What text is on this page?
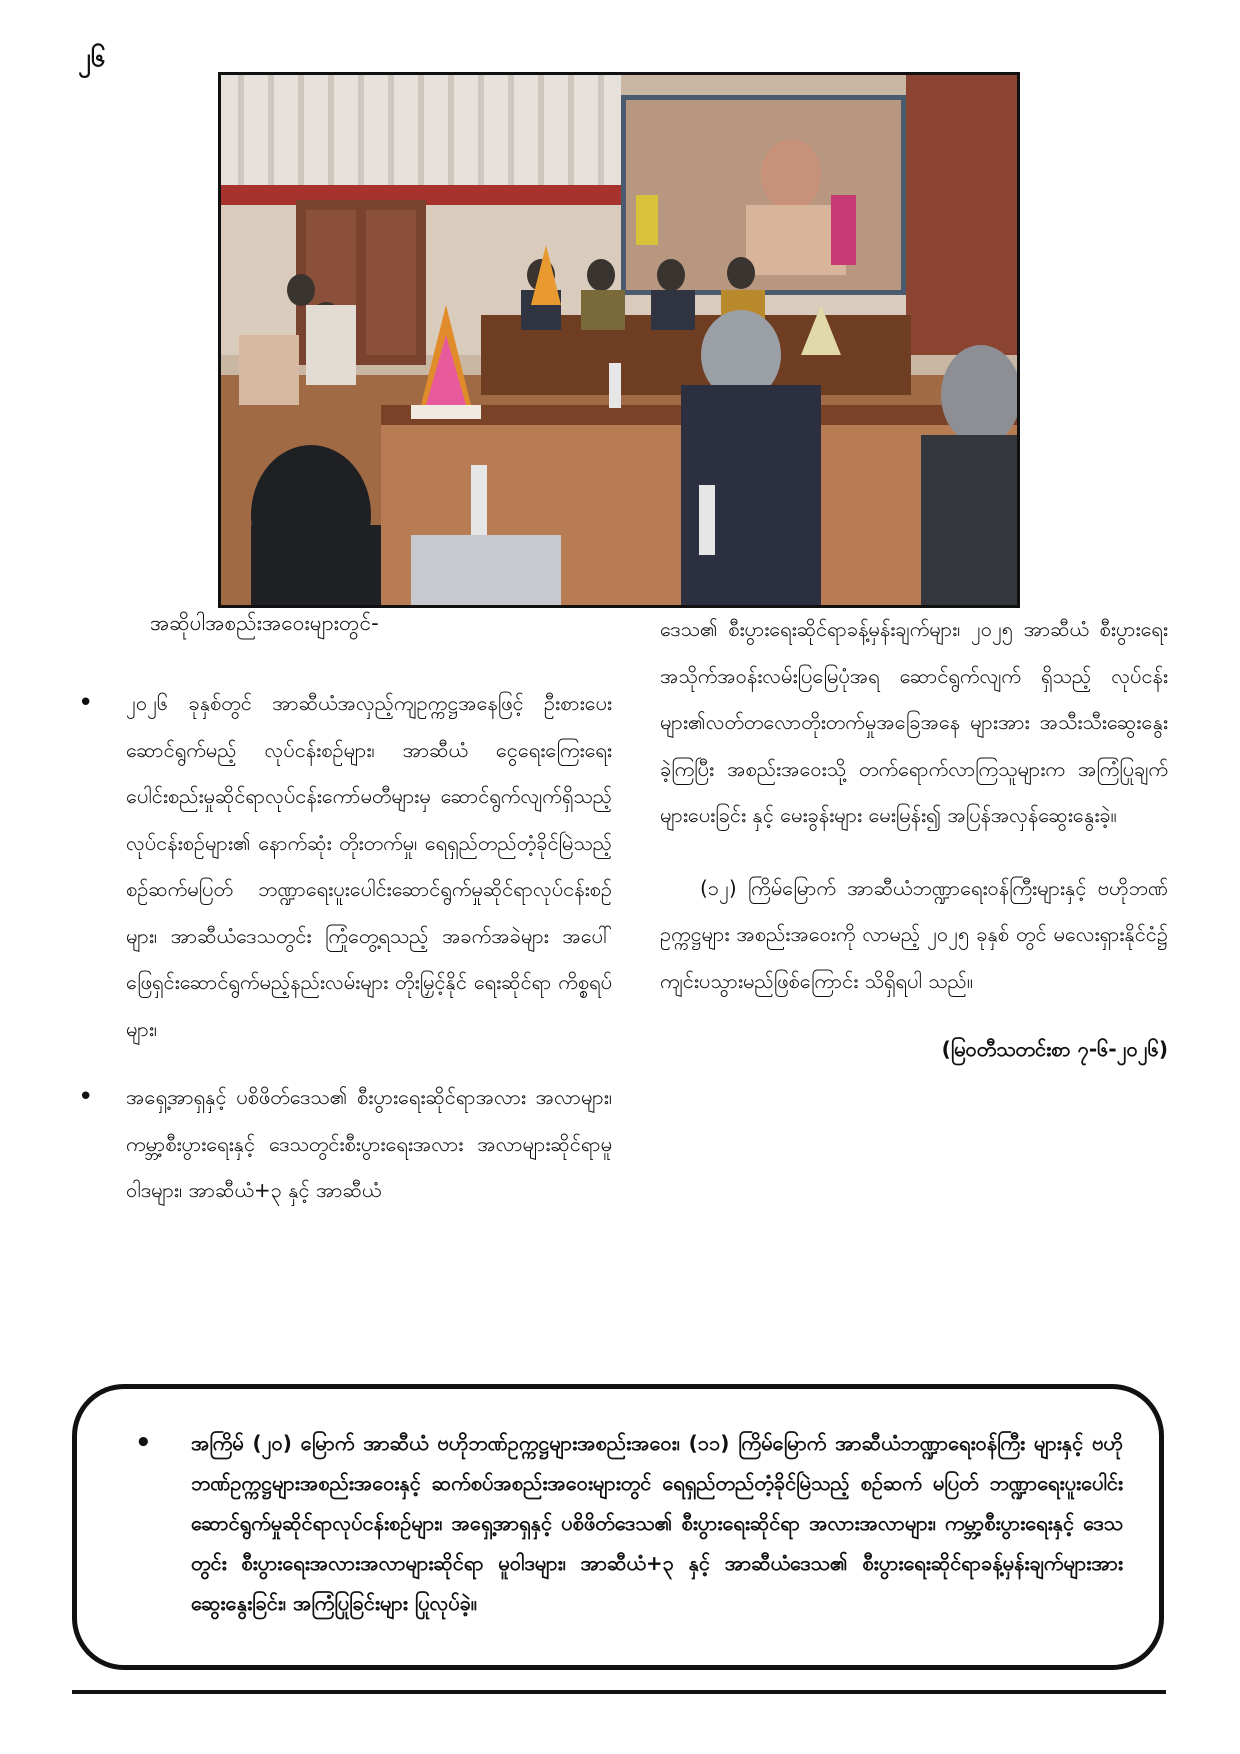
၂၆
အဆိုပါအစည်းအဝေးများတွင်-

• ၂၀၂၆ ခုနှစ်တွင် အာဆီယံအလှည့်ကျဥက္ကဋ္ဌအနေဖြင့် ဦးစားပေးဆောင်ရွက်မည့် လုပ်ငန်းစဉ်များ၊ အာဆီယံ ငွေရေးကြေးရေးပေါင်းစည်းမှုဆိုင်ရာလုပ်ငန်းကော်မတီများမှ ဆောင်ရွက်လျက်ရှိသည့် လုပ်ငန်းစဉ်များ၏ နောက်ဆုံး တိုးတက်မှု၊ ရေရှည်တည်တံ့ခိုင်မြဲသည့် စဉ်ဆက်မပြတ် ဘဏ္ဍာရေးပူးပေါင်းဆောင်ရွက်မှုဆိုင်ရာလုပ်ငန်းစဉ်များ၊ အာဆီယံဒေသတွင်း ကြုံတွေ့ရသည့် အခက်အခဲများ အပေါ် ဖြေရှင်းဆောင်ရွက်မည့်နည်းလမ်းများ တိုးမြှင့်နိုင် ရေးဆိုင်ရာ ကိစ္စရပ်များ၊

• အရှေ့အာရှနှင့် ပစိဖိတ်ဒေသ၏ စီးပွားရေးဆိုင်ရာအလား အလာများ၊ ကမ္ဘာ့စီးပွားရေးနှင့် ဒေသတွင်းစီးပွားရေးအလား အလာများဆိုင်ရာမူဝါဒများ၊ အာဆီယံ+၃ နှင့် အာဆီယံ

ဒေသ၏ စီးပွားရေးဆိုင်ရာခန့်မှန်းချက်များ၊ ၂၀၂၅ အာဆီယံ စီးပွားရေးအသိုက်အဝန်းလမ်းပြမြေပုံအရ ဆောင်ရွက်လျက် ရှိသည့် လုပ်ငန်းများ၏လတ်တလောတိုးတက်မှုအခြေအနေ များအား အသီးသီးဆွေးနွေးခဲ့ကြပြီး အစည်းအဝေးသို့ တက်ရောက်လာကြသူများက အကြံပြုချက်များပေးခြင်း နှင့် မေးခွန်းများ မေးမြန်း၍ အပြန်အလှန်ဆွေးနွေးခဲ့။

(၁၂) ကြိမ်မြောက် အာဆီယံဘဏ္ဍာရေးဝန်ကြီးများနှင့် ဗဟိုဘဏ်ဥက္ကဋ္ဌများ အစည်းအဝေးကို လာမည့် ၂၀၂၅ ခုနှစ် တွင် မလေးရှားနိုင်ငံ၌ ကျင်းပသွားမည်ဖြစ်ကြောင်း သိရှိရပါ သည်။

(မြဝတီသတင်းစာ ၇-၆-၂၀၂၆)

• အကြိမ် (၂၀) မြောက် အာဆီယံ ဗဟိုဘဏ်ဥက္ကဋ္ဌများအစည်းအဝေး၊ (၁၁) ကြိမ်မြောက် အာဆီယံဘဏ္ဍာရေးဝန်ကြီး များနှင့် ဗဟိုဘဏ်ဥက္ကဋ္ဌများအစည်းအဝေးနှင့် ဆက်စပ်အစည်းအဝေးများတွင် ရေရှည်တည်တံ့ခိုင်မြဲသည့် စဉ်ဆက် မပြတ် ဘဏ္ဍာရေးပူးပေါင်းဆောင်ရွက်မှုဆိုင်ရာလုပ်ငန်းစဉ်များ၊ အရှေ့အာရှနှင့် ပစိဖိတ်ဒေသ၏ စီးပွားရေးဆိုင်ရာ အလားအလာများ၊ ကမ္ဘာ့စီးပွားရေးနှင့် ဒေသတွင်း စီးပွားရေးအလားအလာများဆိုင်ရာ မူဝါဒများ၊ အာဆီယံ+၃ နှင့် အာဆီယံဒေသ၏ စီးပွားရေးဆိုင်ရာခန့်မှန်းချက်များအား ဆွေးနွေးခြင်း၊ အကြံပြုခြင်းများ ပြုလုပ်ခဲ့။
